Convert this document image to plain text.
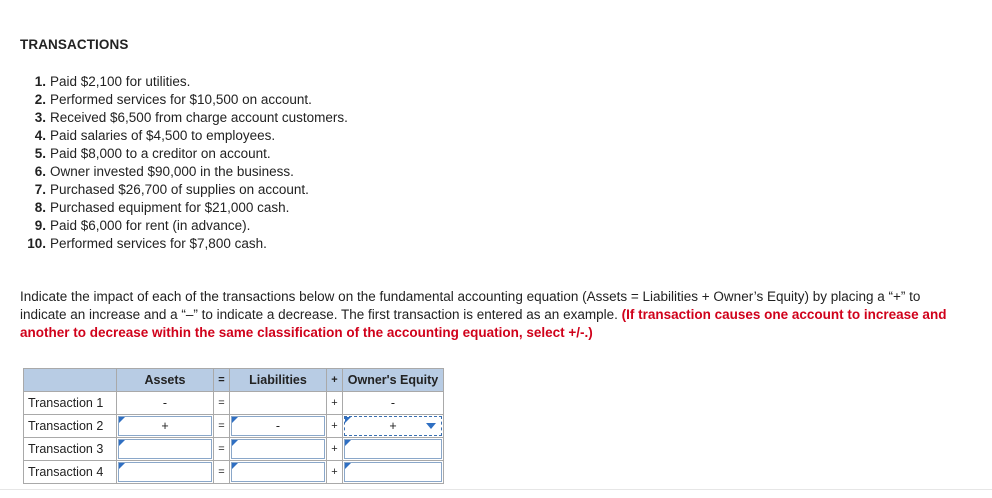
TRANSACTIONS
1. Paid $2,100 for utilities.
2. Performed services for $10,500 on account.
3. Received $6,500 from charge account customers.
4. Paid salaries of $4,500 to employees.
5. Paid $8,000 to a creditor on account.
6. Owner invested $90,000 in the business.
7. Purchased $26,700 of supplies on account.
8. Purchased equipment for $21,000 cash.
9. Paid $6,000 for rent (in advance).
10. Performed services for $7,800 cash.
Indicate the impact of each of the transactions below on the fundamental accounting equation (Assets = Liabilities + Owner’s Equity) by placing a “+” to indicate an increase and a “–” to indicate a decrease. The first transaction is entered as an example. (If transaction causes one account to increase and another to decrease within the same classification of the accounting equation, select +/-.)
	Assets	=	Liabilities	+	Owner's Equity
Transaction 1	-	=		+	-

Transaction 2	+	=	-	+	+

Transaction 3		=		+	

Transaction 4		=		+	
